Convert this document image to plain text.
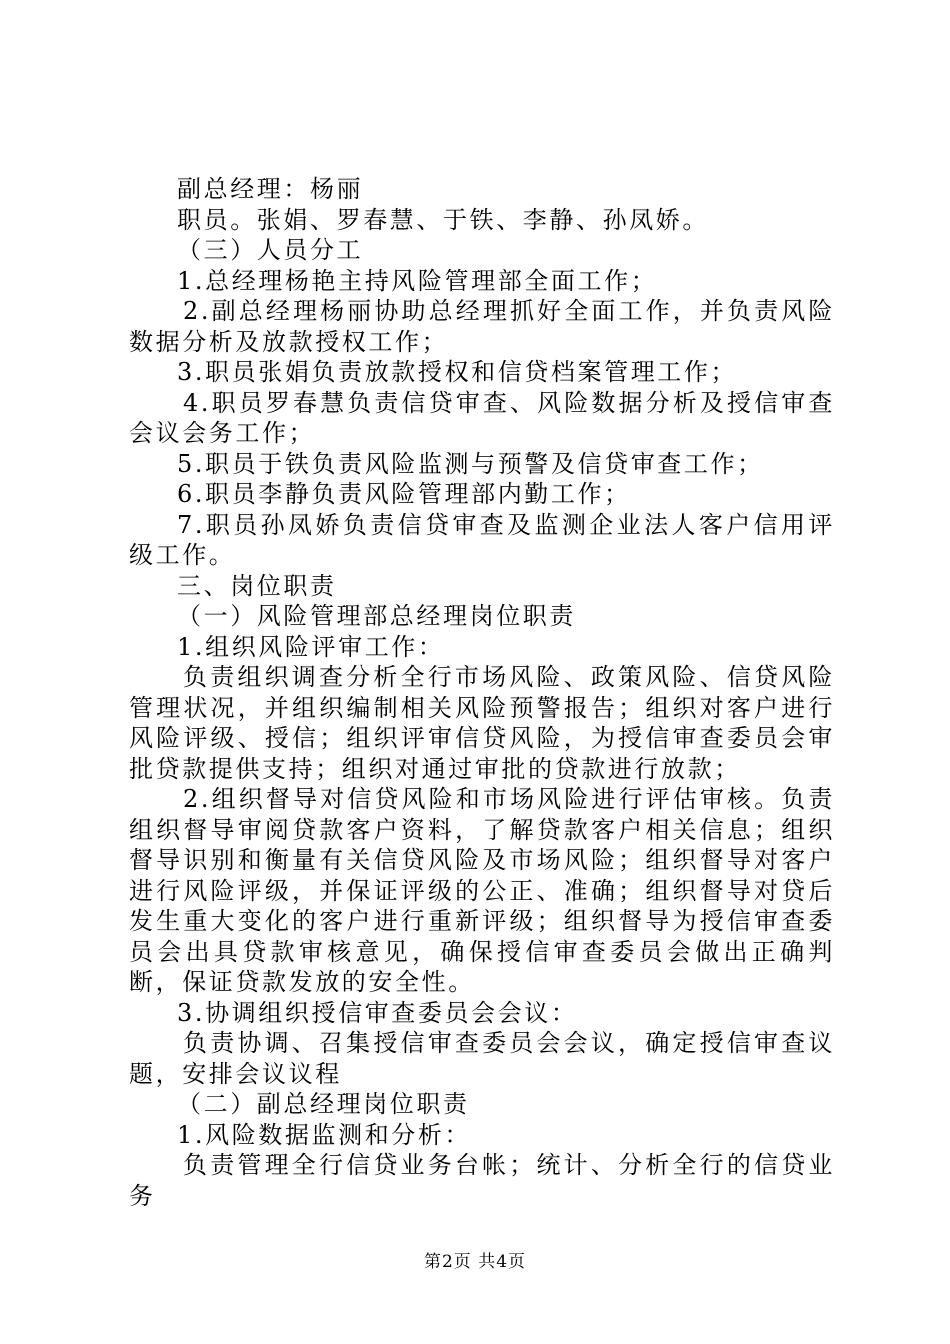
副总经理：杨丽

职员。张娟、罗春慧、于铁、李静、孙凤娇。

（三）人员分工

1.总经理杨艳主持风险管理部全面工作；

2.副总经理杨丽协助总经理抓好全面工作，并负责风险数据分析及放款授权工作；

3.职员张娟负责放款授权和信贷档案管理工作；

4.职员罗春慧负责信贷审查、风险数据分析及授信审查会议会务工作；

5.职员于铁负责风险监测与预警及信贷审查工作；

6.职员李静负责风险管理部内勤工作；

7.职员孙凤娇负责信贷审查及监测企业法人客户信用评级工作。

三、岗位职责

（一）风险管理部总经理岗位职责

1.组织风险评审工作：

负责组织调查分析全行市场风险、政策风险、信贷风险管理状况，并组织编制相关风险预警报告；组织对客户进行风险评级、授信；组织评审信贷风险，为授信审查委员会审批贷款提供支持；组织对通过审批的贷款进行放款；

2.组织督导对信贷风险和市场风险进行评估审核。负责组织督导审阅贷款客户资料，了解贷款客户相关信息；组织督导识别和衡量有关信贷风险及市场风险；组织督导对客户进行风险评级，并保证评级的公正、准确；组织督导对贷后发生重大变化的客户进行重新评级；组织督导为授信审查委员会出具贷款审核意见，确保授信审查委员会做出正确判断，保证贷款发放的安全性。

3.协调组织授信审查委员会会议：

负责协调、召集授信审查委员会会议，确定授信审查议题，安排会议议程

（二）副总经理岗位职责

1.风险数据监测和分析：

负责管理全行信贷业务台帐；统计、分析全行的信贷业务

第2页 共4页
